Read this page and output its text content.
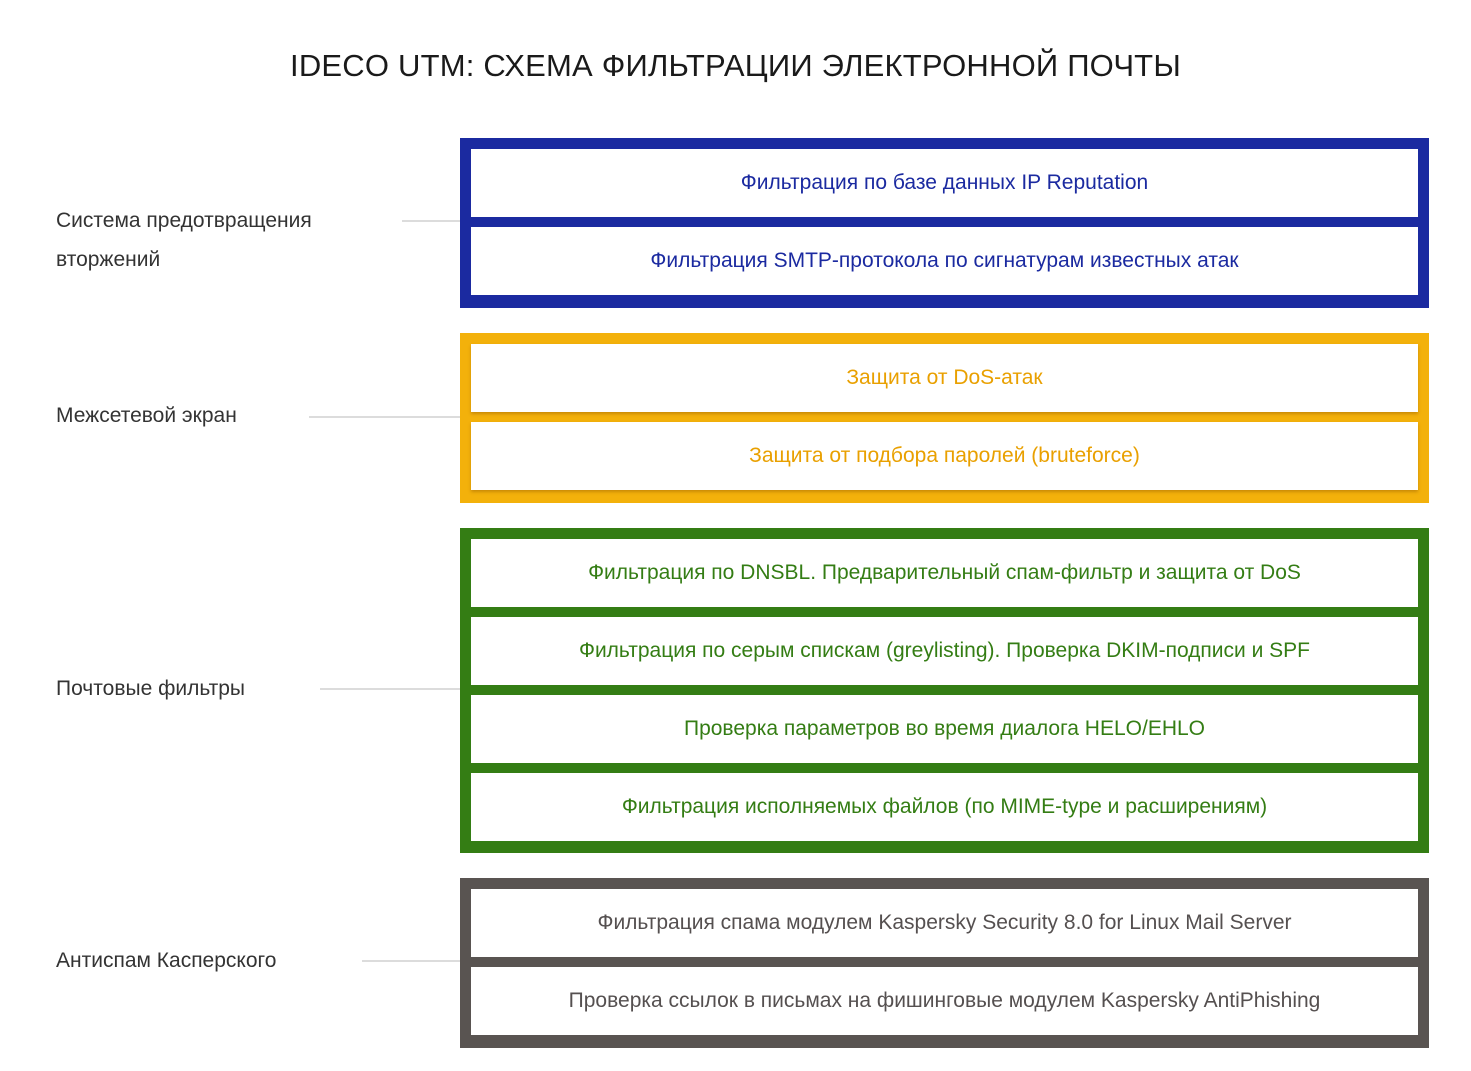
IDECO UTM: СХЕМА ФИЛЬТРАЦИИ ЭЛЕКТРОННОЙ ПОЧТЫ
Система предотвращения вторжений
Фильтрация по базе данных IP Reputation
Фильтрация SMTP-протокола по сигнатурам известных атак
Межсетевой экран
Защита от DoS-атак
Защита от подбора паролей (bruteforce)
Почтовые фильтры
Фильтрация по DNSBL. Предварительный спам-фильтр и защита от DoS
Фильтрация по серым спискам (greylisting). Проверка DKIM-подписи и SPF
Проверка параметров во время диалога HELO/EHLO
Фильтрация исполняемых файлов (по MIME-type и расширениям)
Антиспам Касперского
Фильтрация спама модулем Kaspersky Security 8.0 for Linux Mail Server
Проверка ссылок в письмах на фишинговые модулем Kaspersky AntiPhishing
